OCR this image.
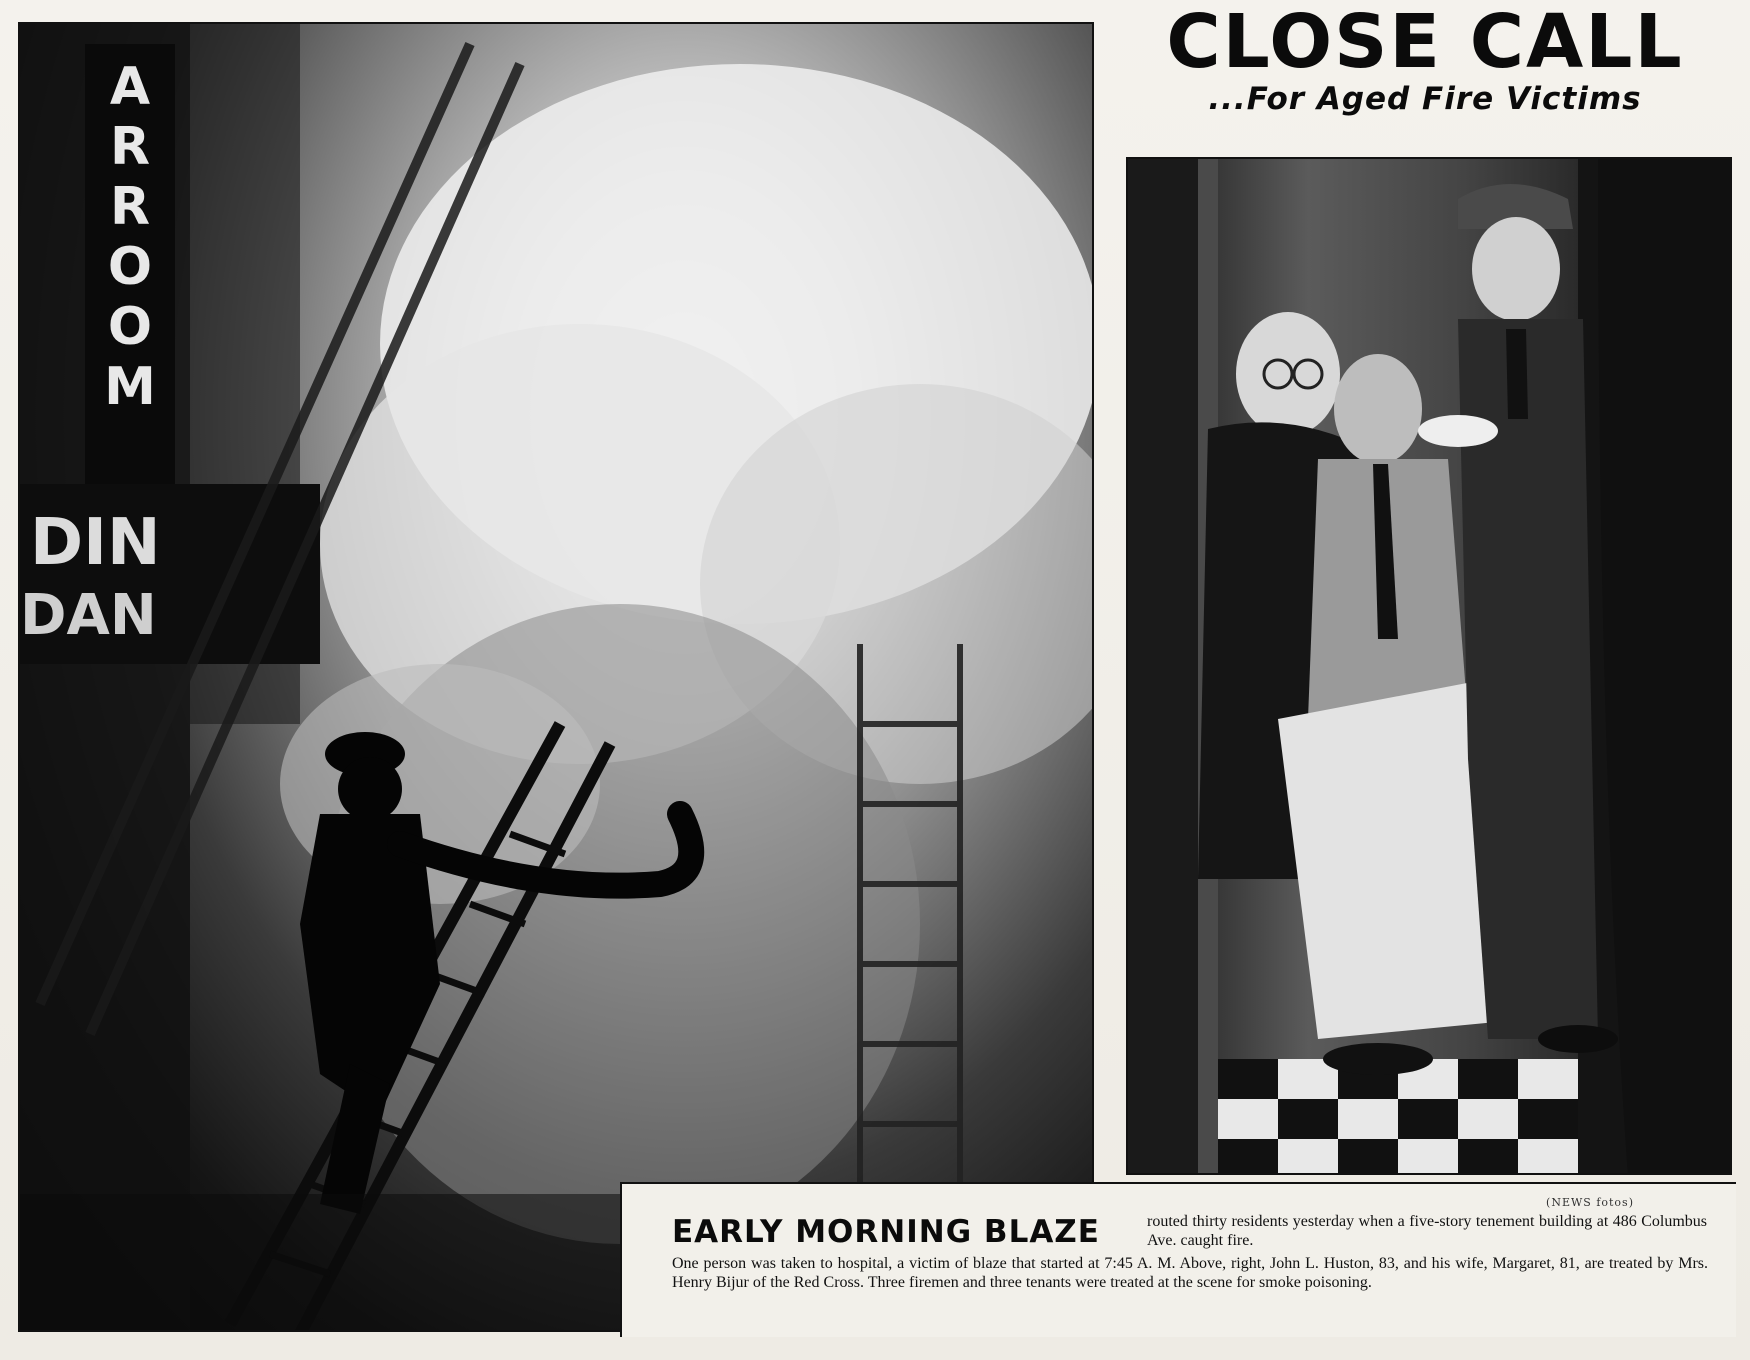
A
R
R
O
O
M
DIN
DAN
CLOSE CALL
...For Aged Fire Victims
(NEWS fotos)
EARLY MORNING BLAZE	routed thirty residents yesterday when a five-story tenement building at 486 Columbus Ave. caught fire.
One person was taken to hospital, a victim of blaze that started at 7:45 A. M. Above, right, John L. Huston, 83, and his wife, Margaret, 81, are treated by Mrs. Henry Bijur of the Red Cross. Three firemen and three tenants were treated at the scene for smoke poisoning.
